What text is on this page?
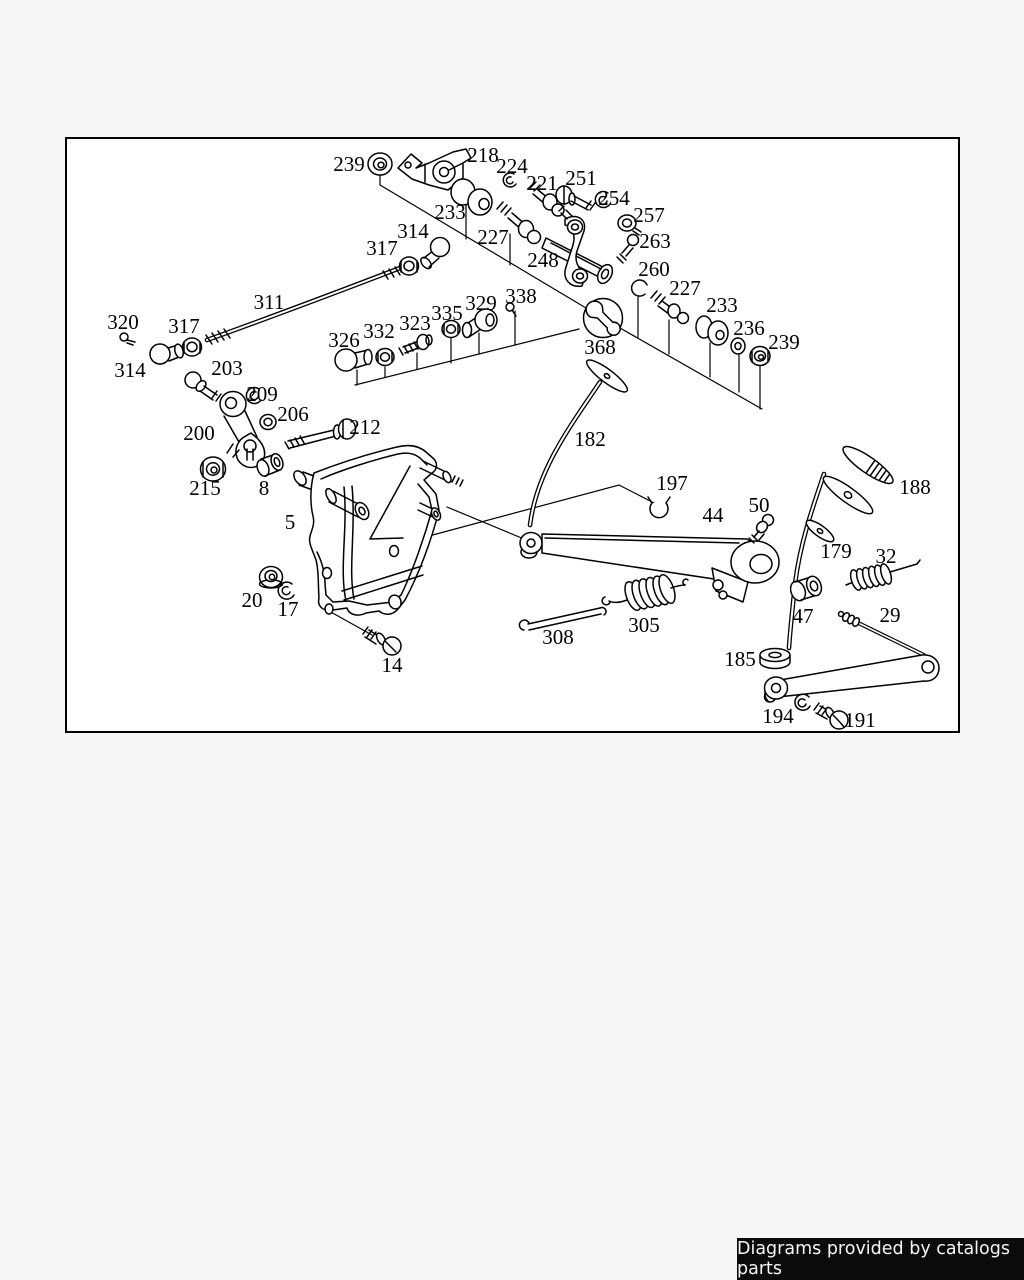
239	218
224
221 251
254
257
263
233
227
248	260
227
233
236
239
314
317
311
320 317
314
326 332 323 335 329 338
368
203
209
206
200	212
215 8
5
182
197
44 50
179
188
32
47	29
20 17
14
308	305
185
194 191
Diagrams provided by catalogs parts
